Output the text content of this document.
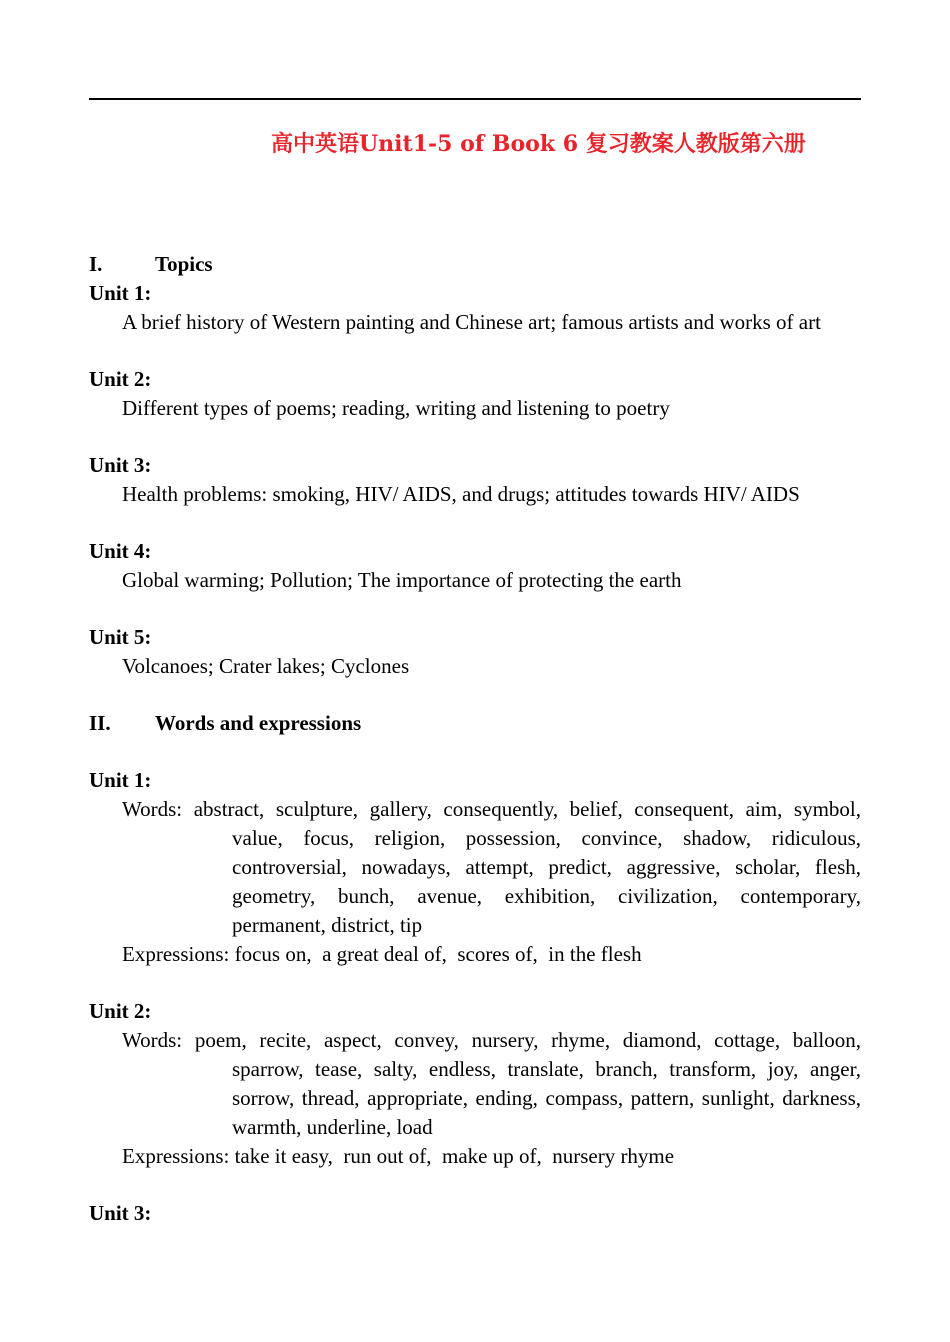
高中英语Unit1-5 of Book 6 复习教案人教版第六册
I.	Topics
Unit 1:
A brief history of Western painting and Chinese art; famous artists and works of art
Unit 2:
Different types of poems; reading, writing and listening to poetry
Unit 3:
Health problems: smoking, HIV/ AIDS, and drugs; attitudes towards HIV/ AIDS
Unit 4:
Global warming; Pollution; The importance of protecting the earth
Unit 5:
Volcanoes; Crater lakes; Cyclones
II. Words and expressions
Unit 1:
Words: abstract, sculpture, gallery, consequently, belief, consequent, aim, symbol, value, focus, religion, possession, convince, shadow, ridiculous, controversial, nowadays, attempt, predict, aggressive, scholar, flesh, geometry, bunch, avenue, exhibition, civilization, contemporary, permanent, district, tip
Expressions: focus on,  a great deal of,  scores of,  in the flesh
Unit 2:
Words: poem, recite, aspect, convey, nursery, rhyme, diamond, cottage, balloon, sparrow, tease, salty, endless, translate, branch, transform, joy, anger, sorrow, thread, appropriate, ending, compass, pattern, sunlight, darkness, warmth, underline, load
Expressions: take it easy,  run out of,  make up of,  nursery rhyme
Unit 3:
